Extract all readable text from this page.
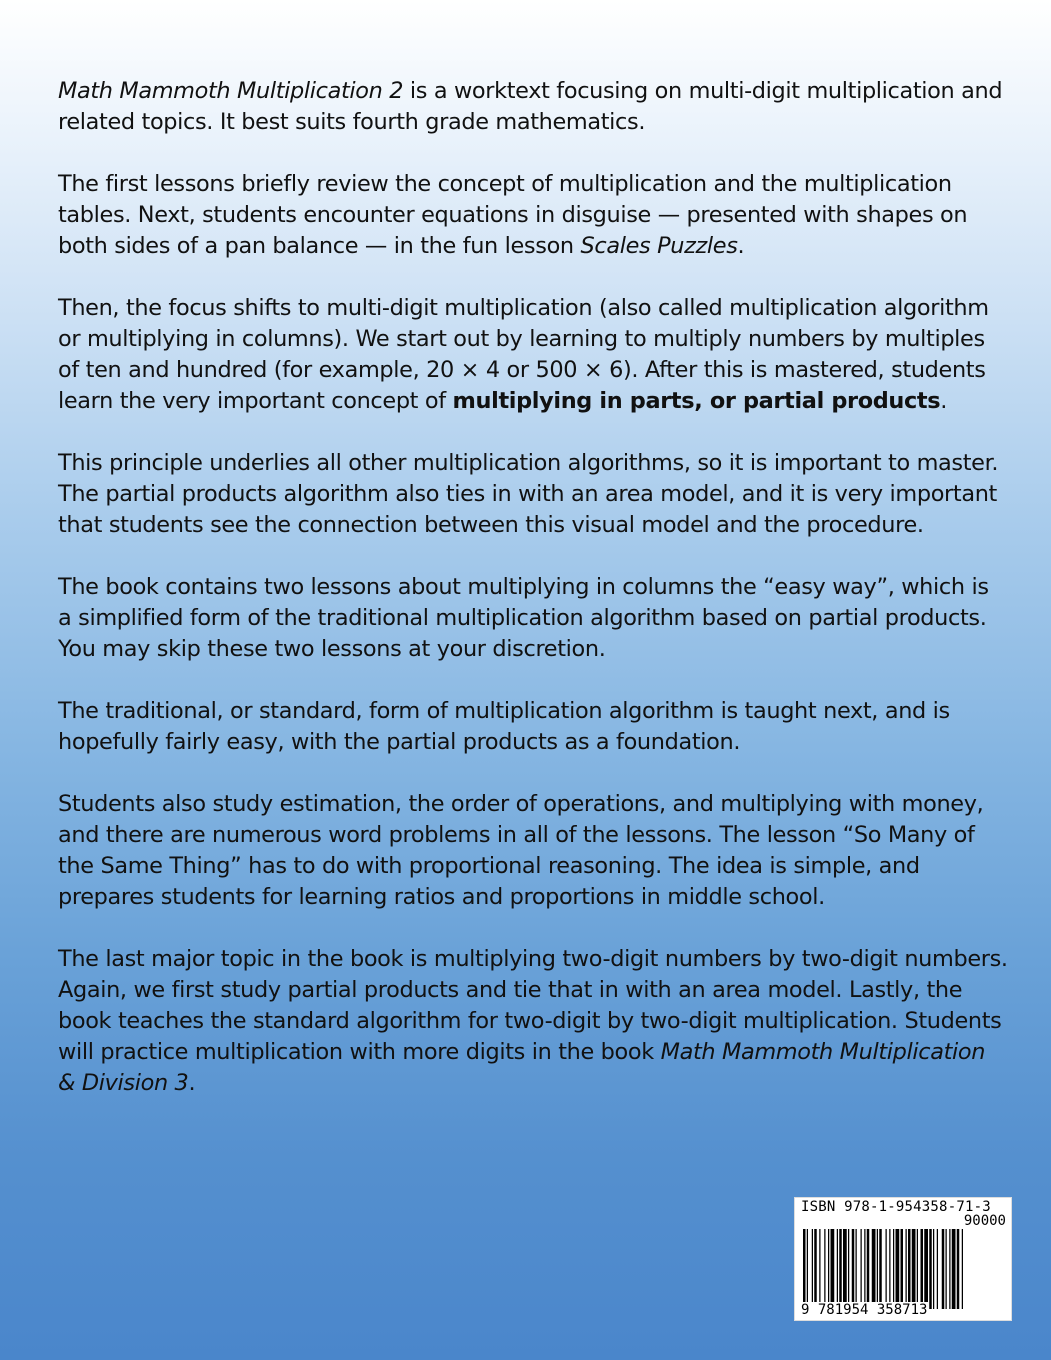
Math Mammoth Multiplication 2 is a worktext focusing on multi-digit multiplication and related topics. It best suits fourth grade mathematics.

The first lessons briefly review the concept of multiplication and the multiplication tables. Next, students encounter equations in disguise — presented with shapes on both sides of a pan balance — in the fun lesson Scales Puzzles.

Then, the focus shifts to multi-digit multiplication (also called multiplication algorithm or multiplying in columns). We start out by learning to multiply numbers by multiples of ten and hundred (for example, 20 × 4 or 500 × 6). After this is mastered, students learn the very important concept of multiplying in parts, or partial products.

This principle underlies all other multiplication algorithms, so it is important to master. The partial products algorithm also ties in with an area model, and it is very important that students see the connection between this visual model and the procedure.

The book contains two lessons about multiplying in columns the “easy way”, which is a simplified form of the traditional multiplication algorithm based on partial products. You may skip these two lessons at your discretion.

The traditional, or standard, form of multiplication algorithm is taught next, and is hopefully fairly easy, with the partial products as a foundation.

Students also study estimation, the order of operations, and multiplying with money, and there are numerous word problems in all of the lessons. The lesson “So Many of the Same Thing” has to do with proportional reasoning. The idea is simple, and prepares students for learning ratios and proportions in middle school.

The last major topic in the book is multiplying two-digit numbers by two-digit numbers. Again, we first study partial products and tie that in with an area model. Lastly, the book teaches the standard algorithm for two-digit by two-digit multiplication. Students will practice multiplication with more digits in the book Math Mammoth Multiplication & Division 3.

ISBN 978-1-954358-71-3
90000
9 781954 358713
